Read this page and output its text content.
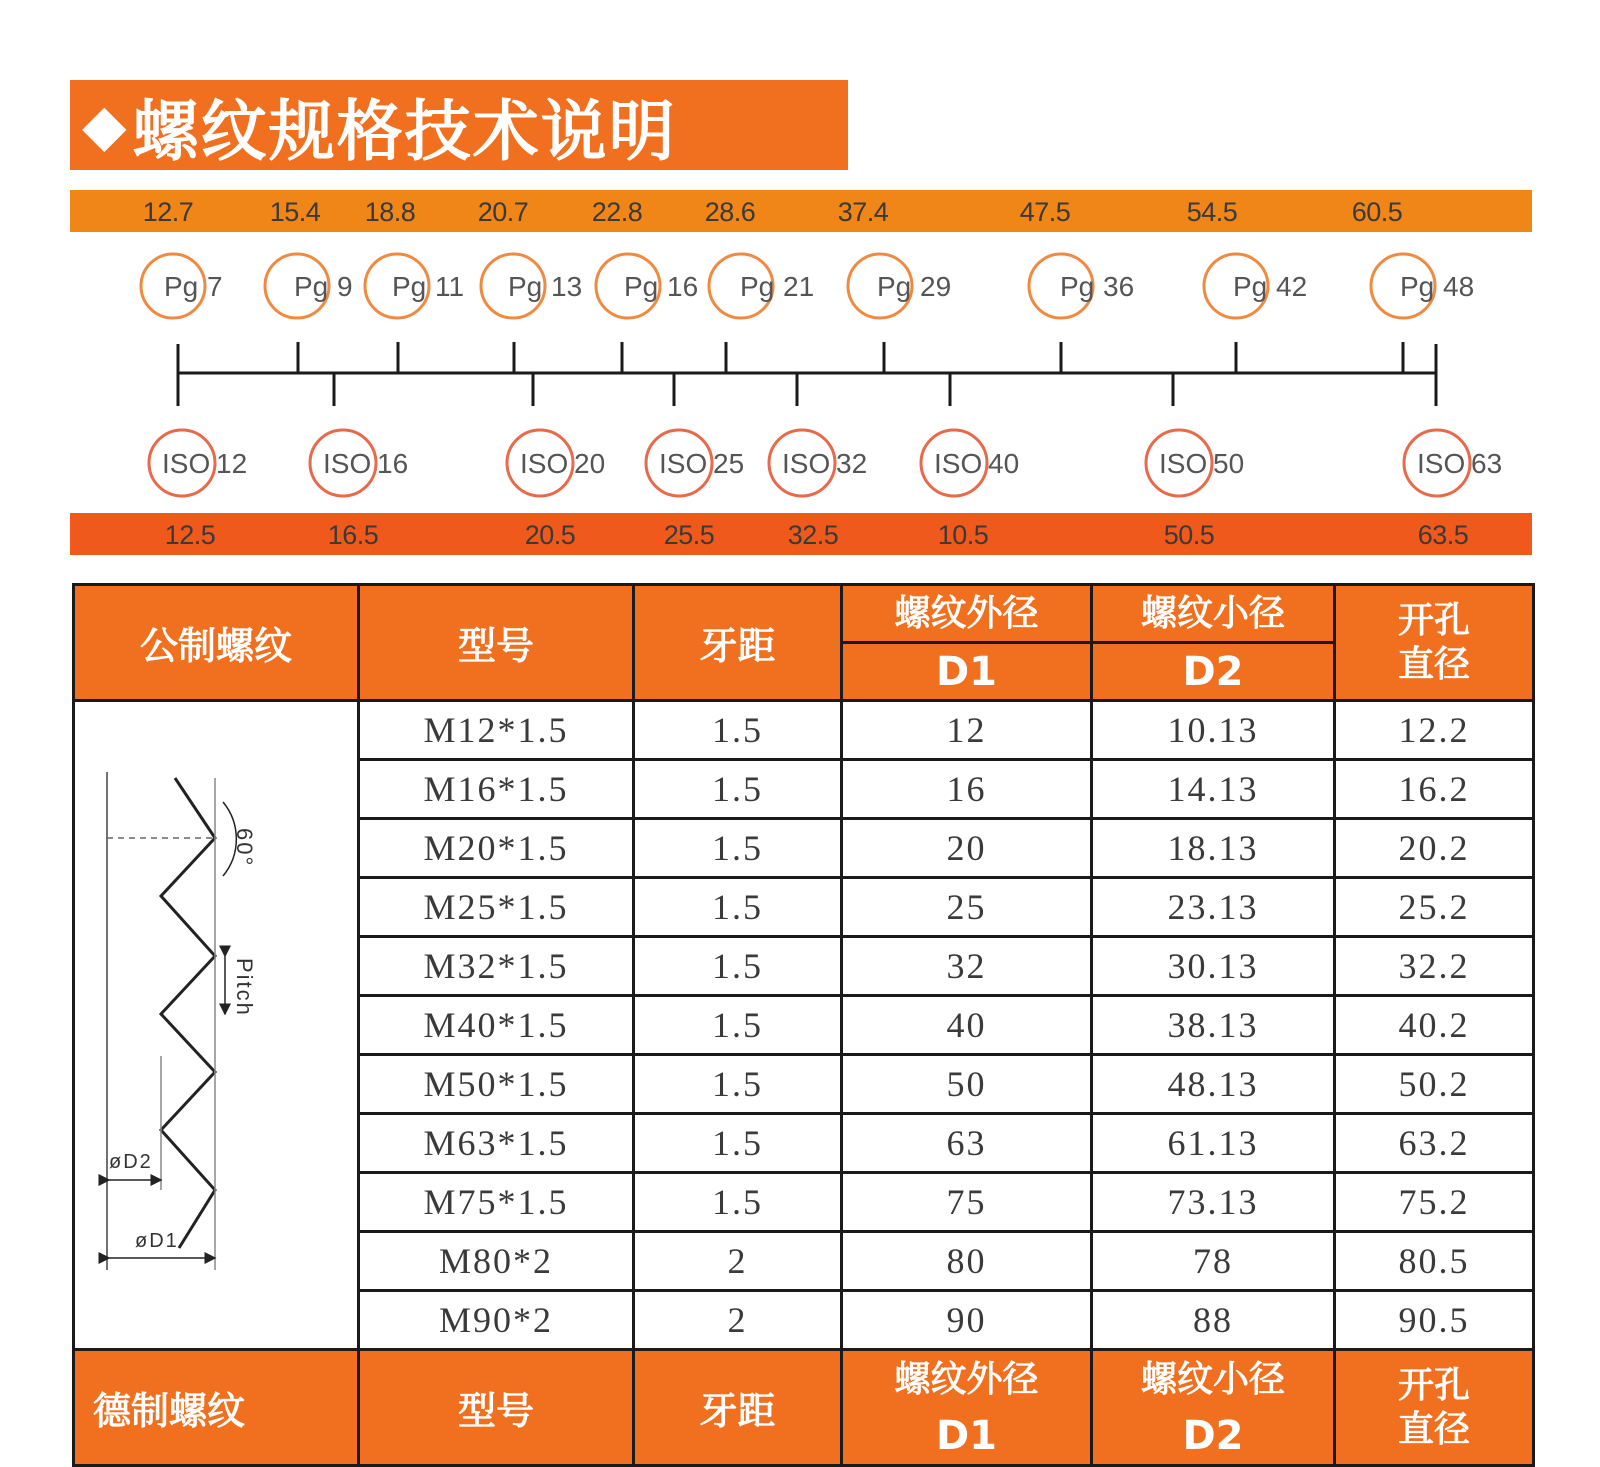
◆ 螺纹规格技术说明
12.7	15.4 18.8 20.7 22.8 28.6	37.4	47.5	54.5	60.5
Pg 7	Pg 9 Pg 11 Pg 13 Pg 16 Pg 21 Pg 29	Pg 36	Pg 42	Pg 48
ISO 12	ISO 16	ISO 20 ISO 25 ISO 32 ISO 40	ISO 50	ISO 63
12.5	16.5	20.5	25.5	32.5	10.5	50.5	63.5
公制螺纹	型号	牙距	螺纹外径	螺纹小径	开孔
直径
			D1	D2	

60°
Pitch
øD2
øD1	M12*1.5	1.5	12	10.13	12.2
	M16*1.5	1.5	16	14.13	16.2
	M20*1.5	1.5	20	18.13	20.2
	M25*1.5	1.5	25	23.13	25.2
	M32*1.5	1.5	32	30.13	32.2
	M40*1.5	1.5	40	38.13	40.2
	M50*1.5	1.5	50	48.13	50.2
	M63*1.5	1.5	63	61.13	63.2
	M75*1.5	1.5	75	73.13	75.2
	M80*2	2	80	78	80.5
	M90*2	2	90	88	90.5
德制螺纹	型号	牙距	螺纹外径	螺纹小径	开孔
直径
			D1	D2	
